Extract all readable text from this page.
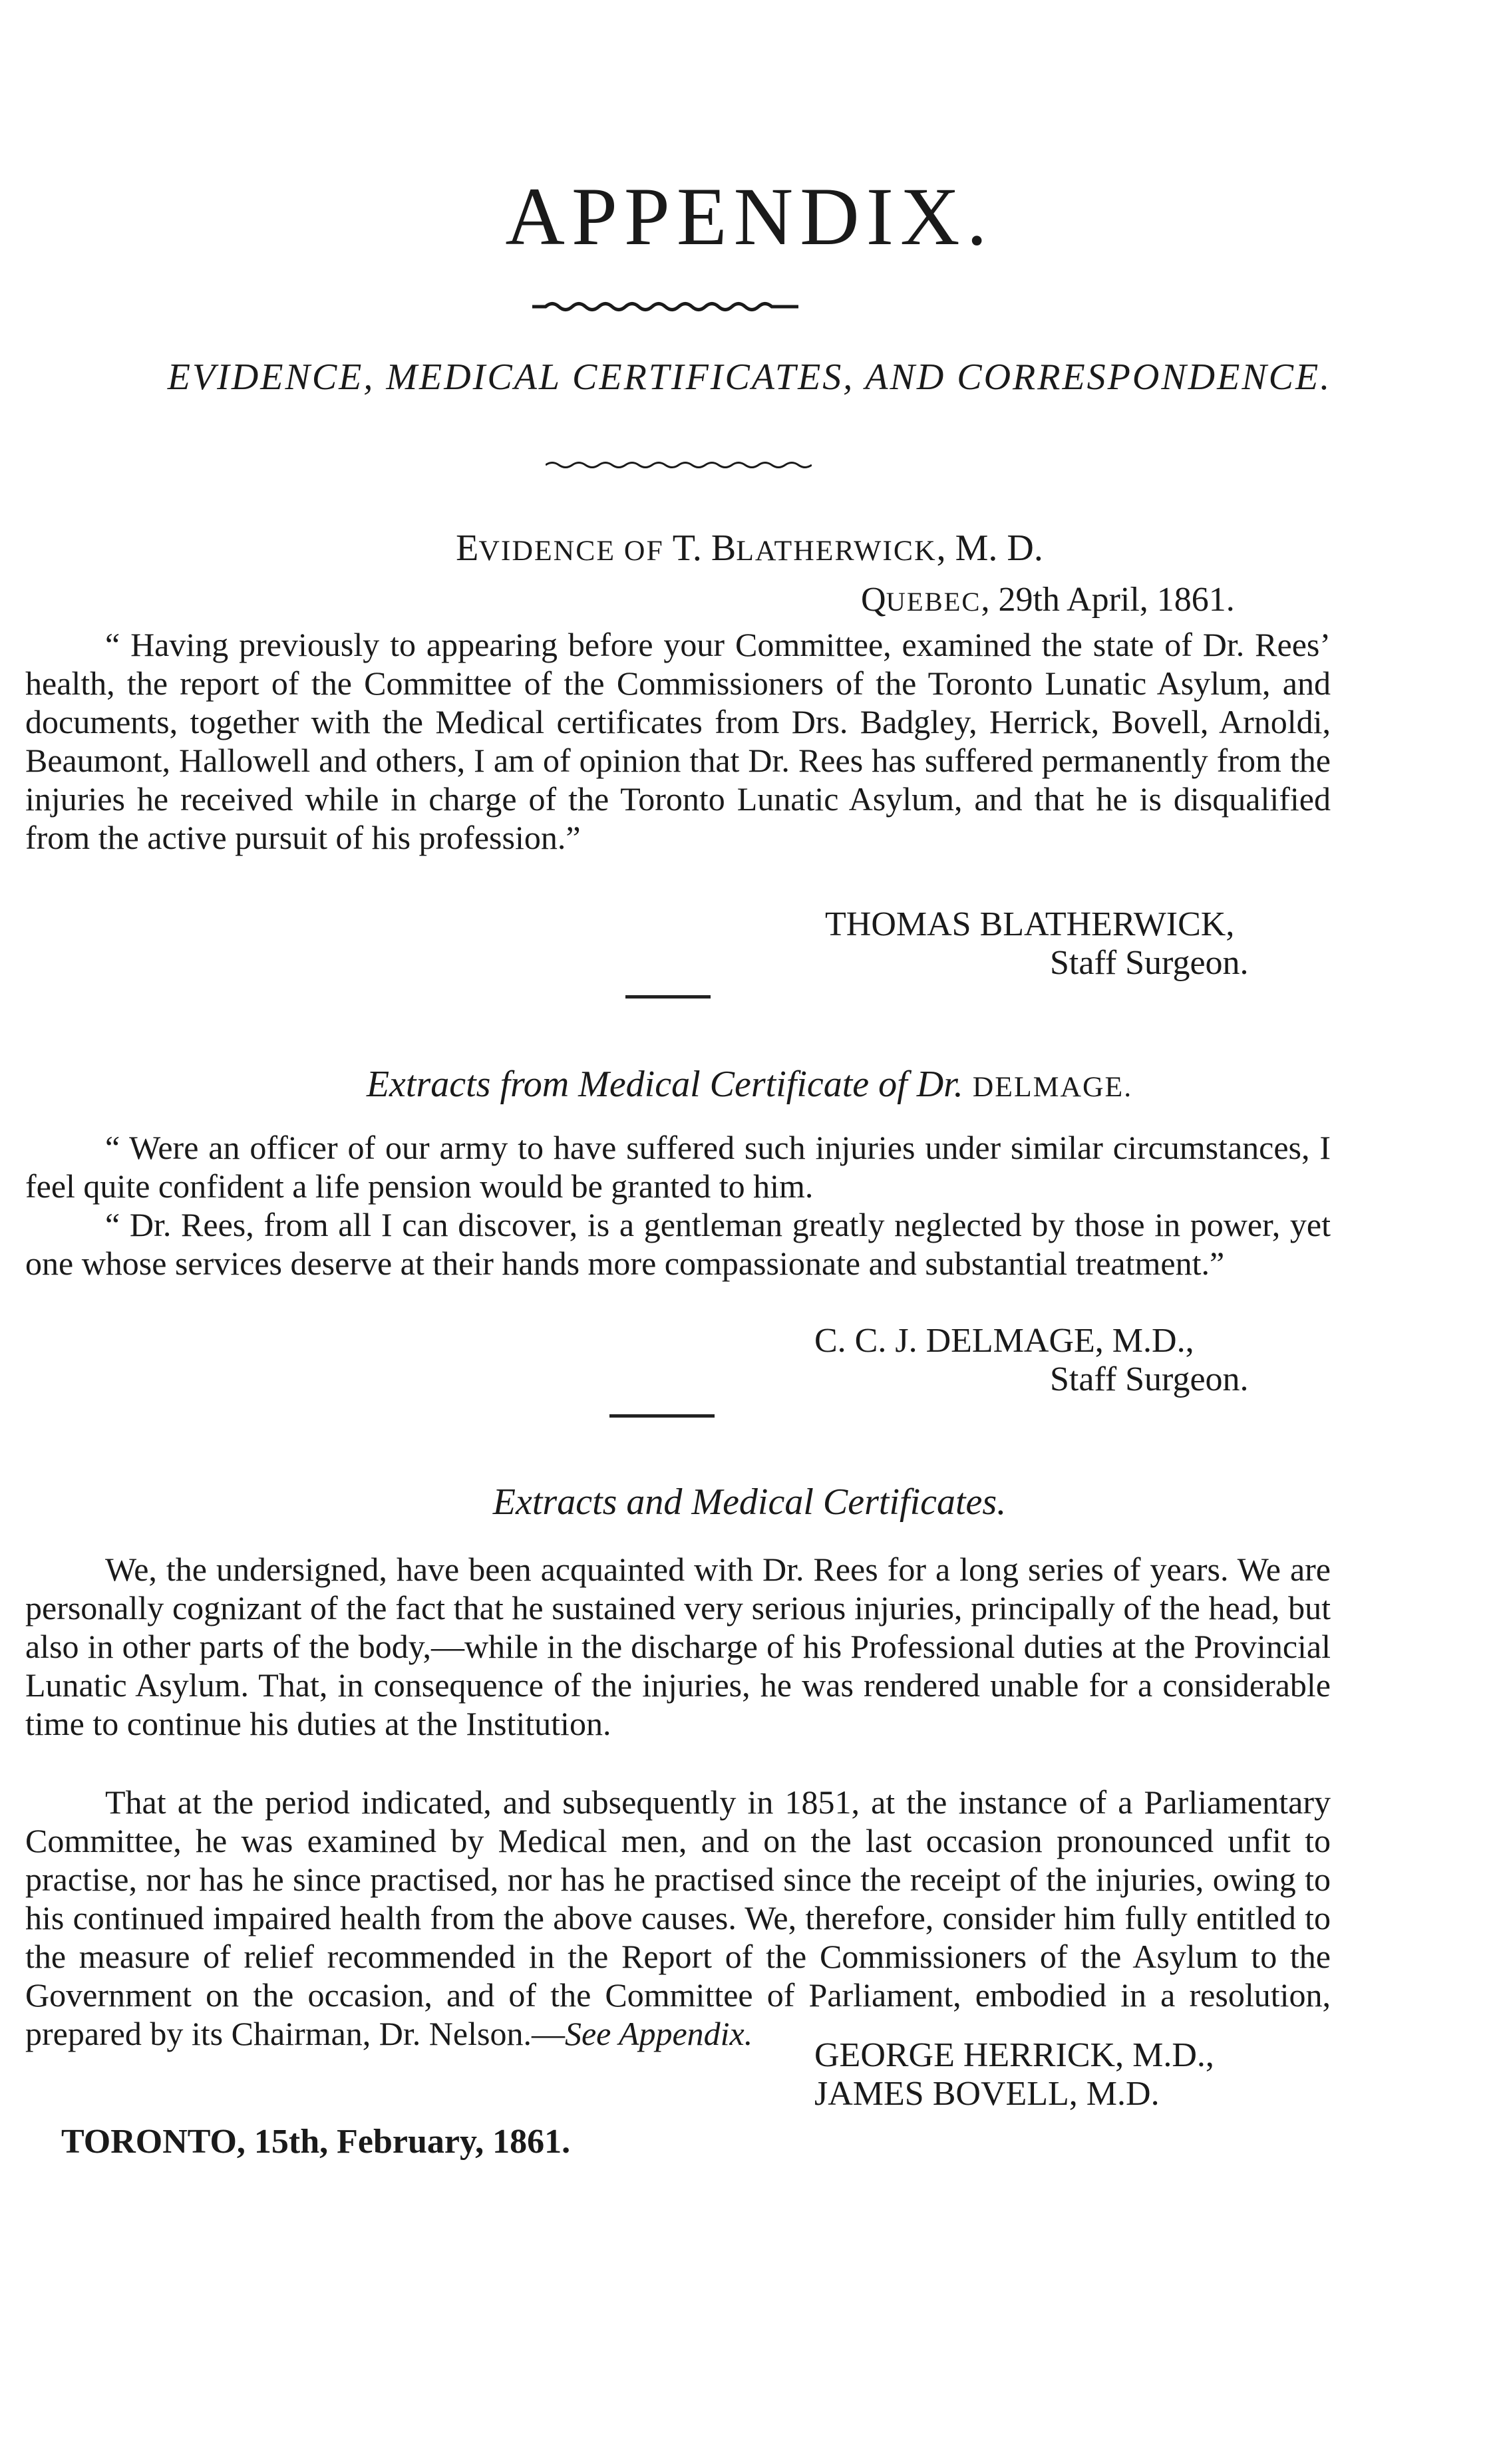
APPENDIX.
EVIDENCE, MEDICAL CERTIFICATES, AND CORRESPONDENCE.
EVIDENCE OF T. BLATHERWICK, M. D.
QUEBEC, 29th April, 1861.
“ Having previously to appearing before your Committee, examined the state of Dr. Rees’ health, the report of the Committee of the Commissioners of the Toronto Lunatic Asylum, and documents, together with the Medical certificates from Drs. Badgley, Herrick, Bovell, Arnoldi, Beaumont, Hallowell and others, I am of opinion that Dr. Rees has suffered permanently from the injuries he received while in charge of the Toronto Lunatic Asylum, and that he is disqualified from the active pursuit of his profession.”
THOMAS BLATHERWICK,
Staff Surgeon.
Extracts from Medical Certificate of Dr. DELMAGE.
“ Were an officer of our army to have suffered such injuries under similar circumstances, I feel quite confident a life pension would be granted to him.
“ Dr. Rees, from all I can discover, is a gentleman greatly neglected by those in power, yet one whose services deserve at their hands more compassionate and substantial treatment.”
C. C. J. DELMAGE, M.D.,
Staff Surgeon.
Extracts and Medical Certificates.
We, the undersigned, have been acquainted with Dr. Rees for a long series of years. We are personally cognizant of the fact that he sustained very serious injuries, principally of the head, but also in other parts of the body,—while in the discharge of his Professional duties at the Provincial Lunatic Asylum. That, in consequence of the injuries, he was rendered unable for a considerable time to continue his duties at the Institution.
That at the period indicated, and subsequently in 1851, at the instance of a Parliamentary Committee, he was examined by Medical men, and on the last occasion pronounced unfit to practise, nor has he since practised, nor has he practised since the receipt of the injuries, owing to his continued impaired health from the above causes. We, therefore, consider him fully entitled to the measure of relief recommended in the Report of the Commissioners of the Asylum to the Government on the occasion, and of the Committee of Parliament, embodied in a resolution, prepared by its Chairman, Dr. Nelson.—See Appendix.
GEORGE HERRICK, M.D.,
JAMES BOVELL, M.D.
TORONTO, 15th, February, 1861.
